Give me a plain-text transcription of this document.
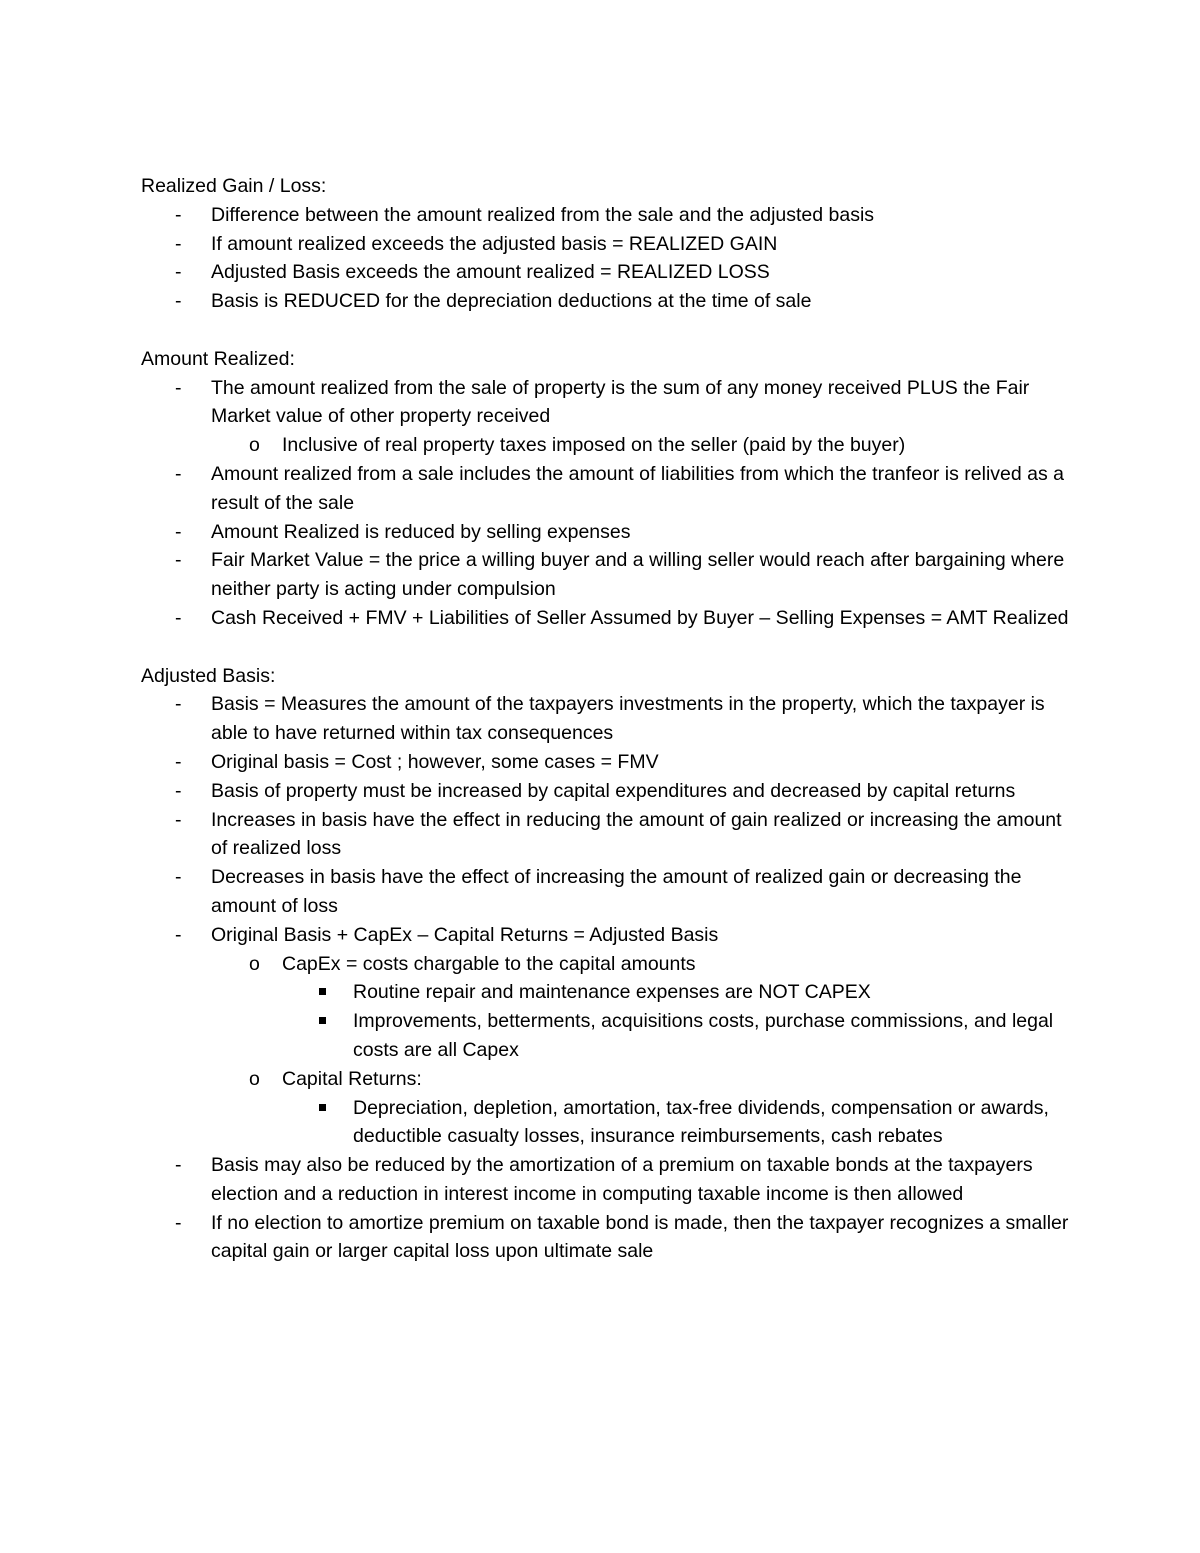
Realized Gain / Loss:

-	Difference between the amount realized from the sale and the adjusted basis
-	If amount realized exceeds the adjusted basis = REALIZED GAIN
-	Adjusted Basis exceeds the amount realized = REALIZED LOSS
-	Basis is REDUCED for the depreciation deductions at the time of sale

Amount Realized:

-	The amount realized from the sale of property is the sum of any money received PLUS the Fair Market value of other property received
o	Inclusive of real property taxes imposed on the seller (paid by the buyer)
-	Amount realized from a sale includes the amount of liabilities from which the tranfeor is relived as a result of the sale
-	Amount Realized is reduced by selling expenses
-	Fair Market Value = the price a willing buyer and a willing seller would reach after bargaining where neither party is acting under compulsion
-	Cash Received + FMV + Liabilities of Seller Assumed by Buyer – Selling Expenses = AMT Realized

Adjusted Basis:

-	Basis = Measures the amount of the taxpayers investments in the property, which the taxpayer is able to have returned within tax consequences
-	Original basis = Cost ; however, some cases = FMV
-	Basis of property must be increased by capital expenditures and decreased by capital returns
-	Increases in basis have the effect in reducing the amount of gain realized or increasing the amount of realized loss
-	Decreases in basis have the effect of increasing the amount of realized gain or decreasing the amount of loss
-	Original Basis + CapEx – Capital Returns = Adjusted Basis
o	CapEx = costs chargable to the capital amounts
Routine repair and maintenance expenses are NOT CAPEX
Improvements, betterments, acquisitions costs, purchase commissions, and legal costs are all Capex
o	Capital Returns:
Depreciation, depletion, amortation, tax-free dividends, compensation or awards, deductible casualty losses, insurance reimbursements, cash rebates
-	Basis may also be reduced by the amortization of a premium on taxable bonds at the taxpayers election and a reduction in interest income in computing taxable income is then allowed
-	If no election to amortize premium on taxable bond is made, then the taxpayer recognizes a smaller capital gain or larger capital loss upon ultimate sale
